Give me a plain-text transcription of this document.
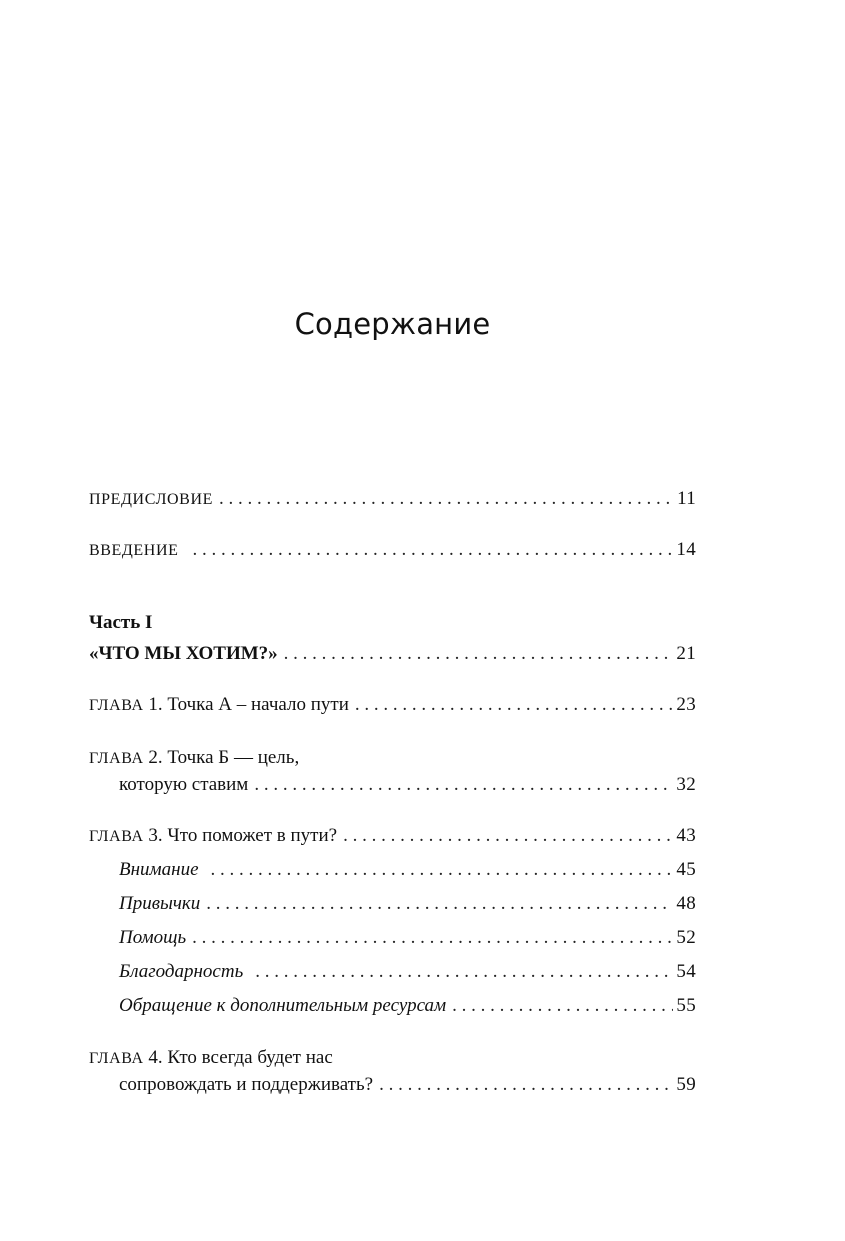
Содержание
ПРЕДИСЛОВИЕ . . .	11
ВВЕДЕНИЕ . . .	14
Часть I
«ЧТО МЫ ХОТИМ?» . . .	21
ГЛАВА 1. Точка А – начало пути . . .	23
ГЛАВА 2. Точка Б — цель,
которую ставим . . .	32
ГЛАВА 3. Что поможет в пути? . . .	43
Внимание . . .	45
Привычки . . .	48
Помощь . . .	52
Благодарность . . .	54
Обращение к дополнительным ресурсам . . .	55
ГЛАВА 4. Кто всегда будет нас
сопровождать и поддерживать? . . .	59
